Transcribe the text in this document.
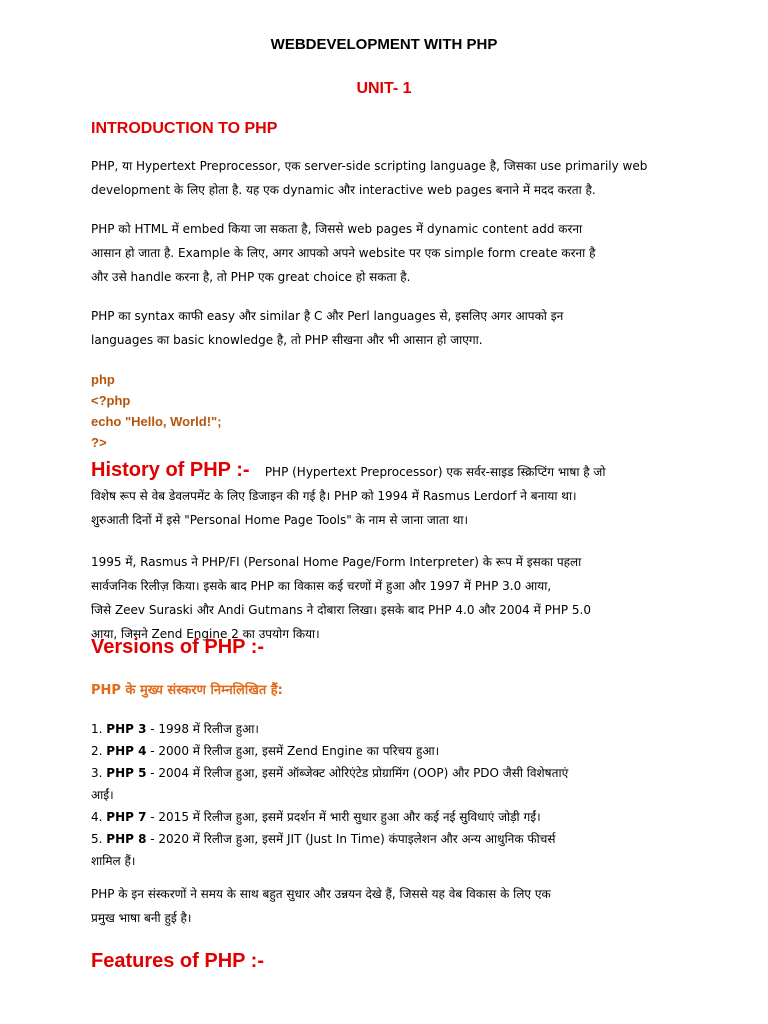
WEBDEVELOPMENT WITH PHP
UNIT- 1
INTRODUCTION TO PHP
PHP, या Hypertext Preprocessor, एक server-side scripting language है, जिसका use primarily web
development के लिए होता है. यह एक dynamic और interactive web pages बनाने में मदद करता है.
PHP को HTML में embed किया जा सकता है, जिससे web pages में dynamic content add करना
आसान हो जाता है. Example के लिए, अगर आपको अपने website पर एक simple form create करना है
और उसे handle करना है, तो PHP एक great choice हो सकता है.
PHP का syntax काफी easy और similar है C और Perl languages से, इसलिए अगर आपको इन
languages का basic knowledge है, तो PHP सीखना और भी आसान हो जाएगा.
php
<?php
echo "Hello, World!";
?>
History of PHP :- PHP (Hypertext Preprocessor) एक सर्वर-साइड स्क्रिप्टिंग भाषा है जो
विशेष रूप से वेब डेवलपमेंट के लिए डिजाइन की गई है। PHP को 1994 में Rasmus Lerdorf ने बनाया था।
शुरुआती दिनों में इसे "Personal Home Page Tools" के नाम से जाना जाता था।
1995 में, Rasmus ने PHP/FI (Personal Home Page/Form Interpreter) के रूप में इसका पहला
सार्वजनिक रिलीज़ किया। इसके बाद PHP का विकास कई चरणों में हुआ और 1997 में PHP 3.0 आया,
जिसे Zeev Suraski और Andi Gutmans ने दोबारा लिखा। इसके बाद PHP 4.0 और 2004 में PHP 5.0
आया, जिसने Zend Engine 2 का उपयोग किया।
Versions of PHP :-
PHP के मुख्य संस्करण निम्नलिखित हैं:
1. PHP 3 - 1998 में रिलीज हुआ।
2. PHP 4 - 2000 में रिलीज हुआ, इसमें Zend Engine का परिचय हुआ।
3. PHP 5 - 2004 में रिलीज हुआ, इसमें ऑब्जेक्ट ओरिएंटेड प्रोग्रामिंग (OOP) और PDO जैसी विशेषताएं
आईं।
4. PHP 7 - 2015 में रिलीज हुआ, इसमें प्रदर्शन में भारी सुधार हुआ और कई नई सुविधाएं जोड़ी गईं।
5. PHP 8 - 2020 में रिलीज हुआ, इसमें JIT (Just In Time) कंपाइलेशन और अन्य आधुनिक फीचर्स
शामिल हैं।
PHP के इन संस्करणों ने समय के साथ बहुत सुधार और उन्नयन देखे हैं, जिससे यह वेब विकास के लिए एक
प्रमुख भाषा बनी हुई है।
Features of PHP :-
